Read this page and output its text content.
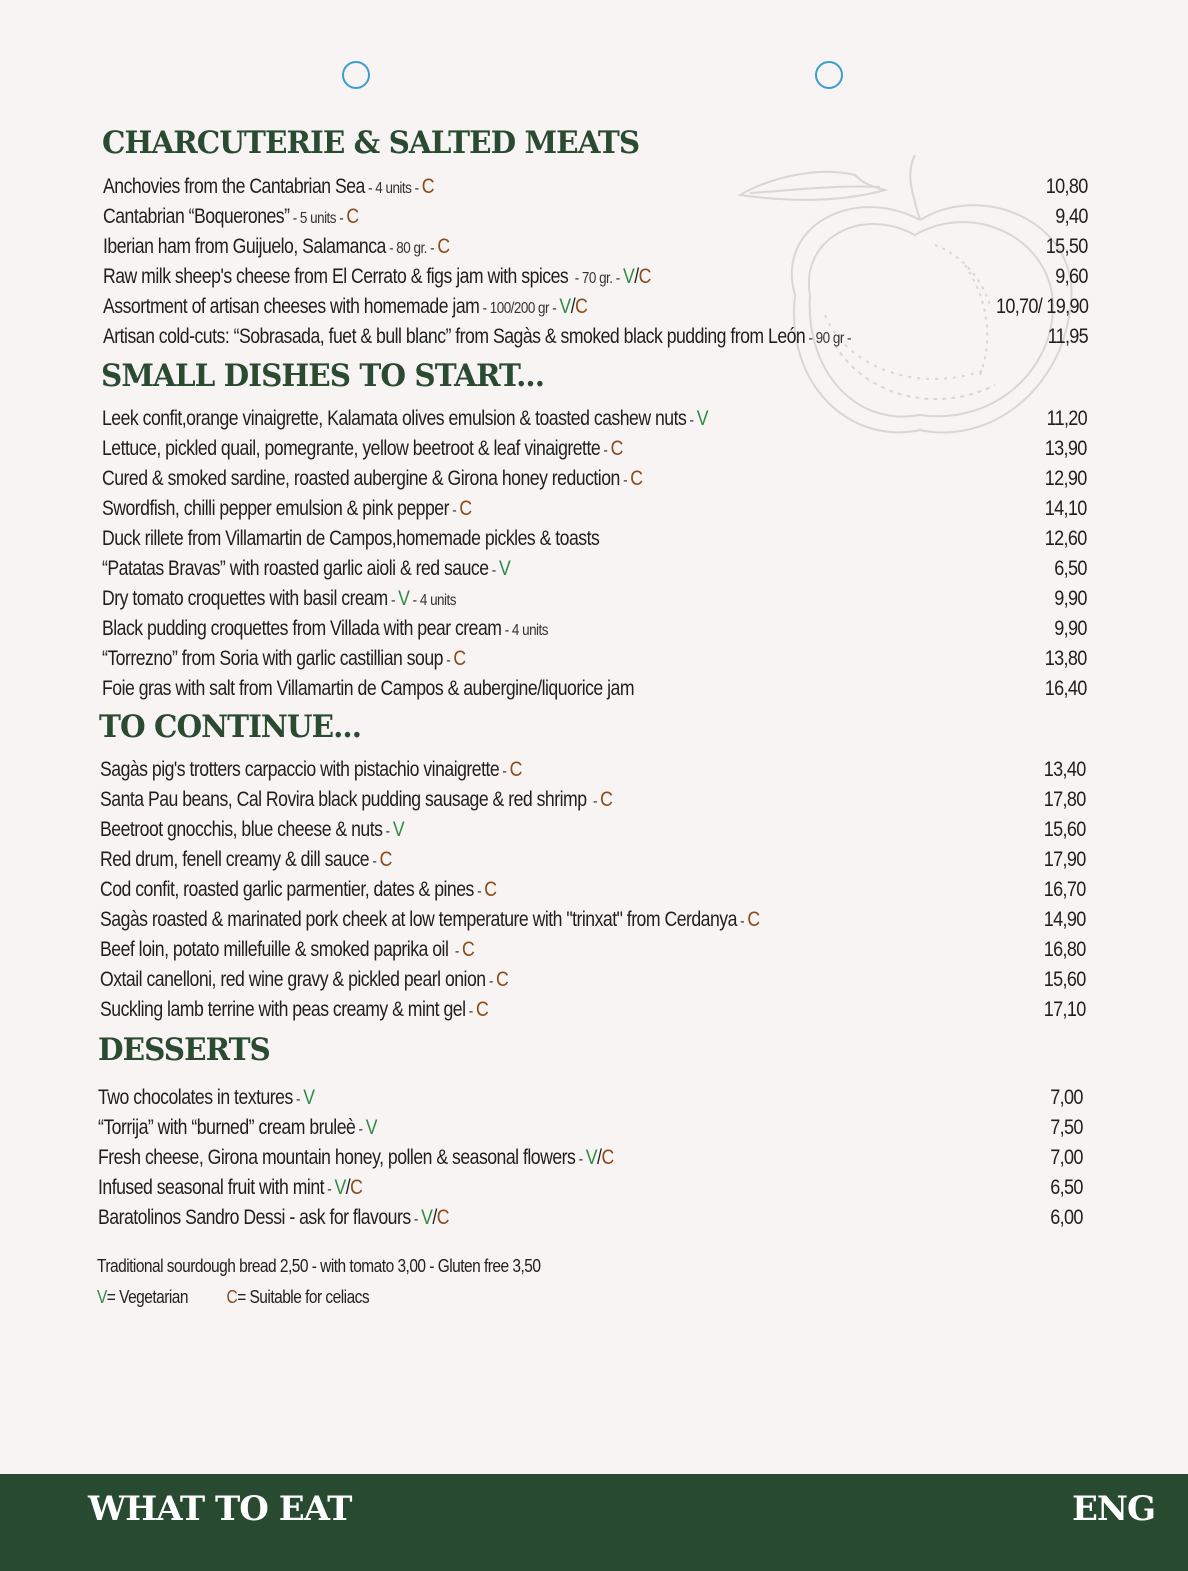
CHARCUTERIE & SALTED MEATS
Anchovies from the Cantabrian Sea - 4 units - C	10,80
Cantabrian “Boquerones” - 5 units - C	9,40
Iberian ham from Guijuelo, Salamanca - 80 gr. - C	15,50
Raw milk sheep's cheese from El Cerrato & figs jam with spices  - 70 gr. - V/C	9,60
Assortment of artisan cheeses with homemade jam - 100/200 gr - V/C	10,70/ 19,90
Artisan cold-cuts: “Sobrasada, fuet & bull blanc” from Sagàs & smoked black pudding from León - 90 gr -	11,95
SMALL DISHES TO START...
Leek confit,orange vinaigrette, Kalamata olives emulsion & toasted cashew nuts - V	11,20
Lettuce, pickled quail, pomegrante, yellow beetroot & leaf vinaigrette - C	13,90
Cured & smoked sardine, roasted aubergine & Girona honey reduction - C	12,90
Swordfish, chilli pepper emulsion & pink pepper - C	14,10
Duck rillete from Villamartin de Campos,homemade pickles & toasts	12,60
“Patatas Bravas” with roasted garlic aioli & red sauce - V	6,50
Dry tomato croquettes with basil cream - V - 4 units	9,90
Black pudding croquettes from Villada with pear cream - 4 units	9,90
“Torrezno” from Soria with garlic castillian soup - C	13,80
Foie gras with salt from Villamartin de Campos & aubergine/liquorice jam	16,40
TO CONTINUE...
Sagàs pig's trotters carpaccio with pistachio vinaigrette - C	13,40
Santa Pau beans, Cal Rovira black pudding sausage & red shrimp  - C	17,80
Beetroot gnocchis, blue cheese & nuts - V	15,60
Red drum, fenell creamy & dill sauce - C	17,90
Cod confit, roasted garlic parmentier, dates & pines - C	16,70
Sagàs roasted & marinated pork cheek at low temperature with "trinxat" from Cerdanya - C	14,90
Beef loin, potato millefuille & smoked paprika oil  - C	16,80
Oxtail canelloni, red wine gravy & pickled pearl onion - C	15,60
Suckling lamb terrine with peas creamy & mint gel - C	17,10
DESSERTS
Two chocolates in textures - V	7,00
“Torrija” with “burned” cream bruleè - V	7,50
Fresh cheese, Girona mountain honey, pollen & seasonal flowers - V/C	7,00
Infused seasonal fruit with mint - V/C	6,50
Baratolinos Sandro Dessi - ask for flavours - V/C	6,00
Traditional sourdough bread 2,50 - with tomato 3,00 - Gluten free 3,50
V= Vegetarian C= Suitable for celiacs
WHAT TO EAT	ENG
